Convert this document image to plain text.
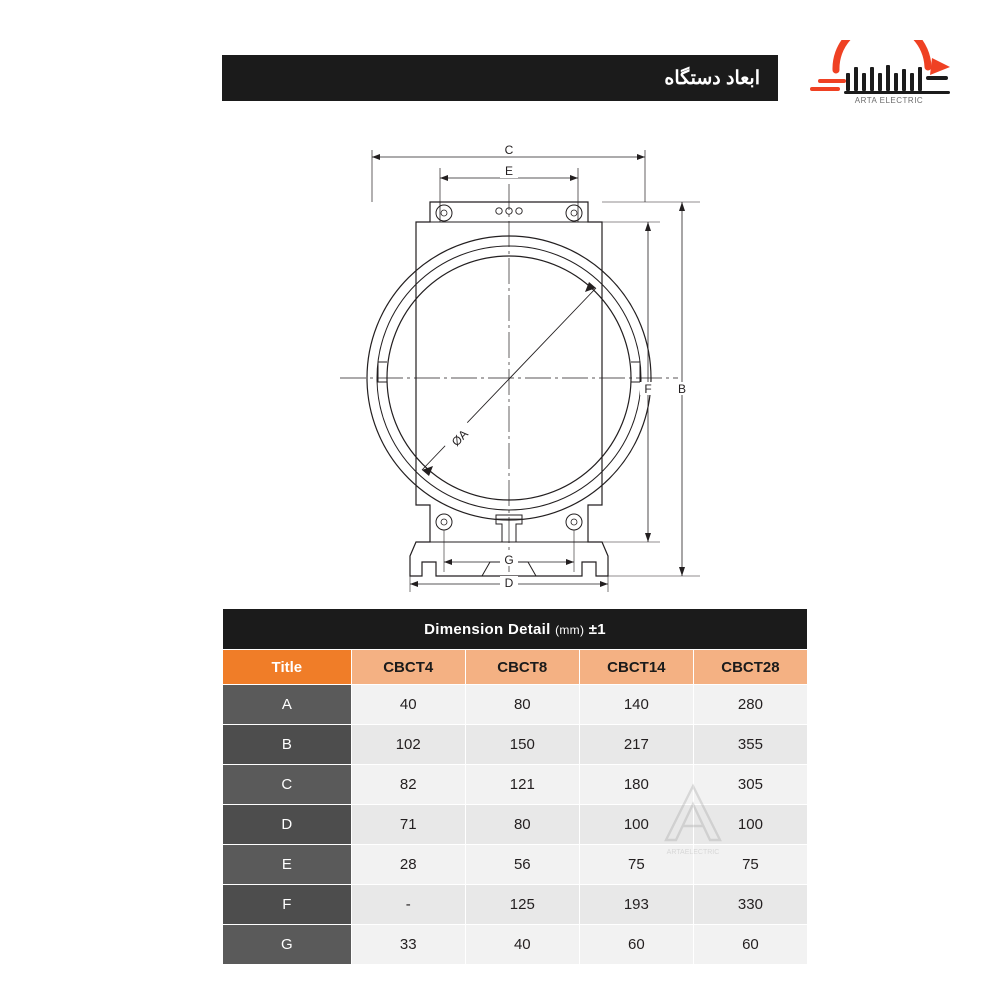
ابعاد دستگاه
ARTA ELECTRIC
C
E
B
F
G
D
ØA
Dimension Detail (mm) ±1				
Title	CBCT4	CBCT8	CBCT14	CBCT28
A	40	80	140	280
B	102	150	217	355
C	82	121	180	305
D	71	80	100	100
E	28	56	75	75
F	-	125	193	330
G	33	40	60	60
ARTAELECTRIC
